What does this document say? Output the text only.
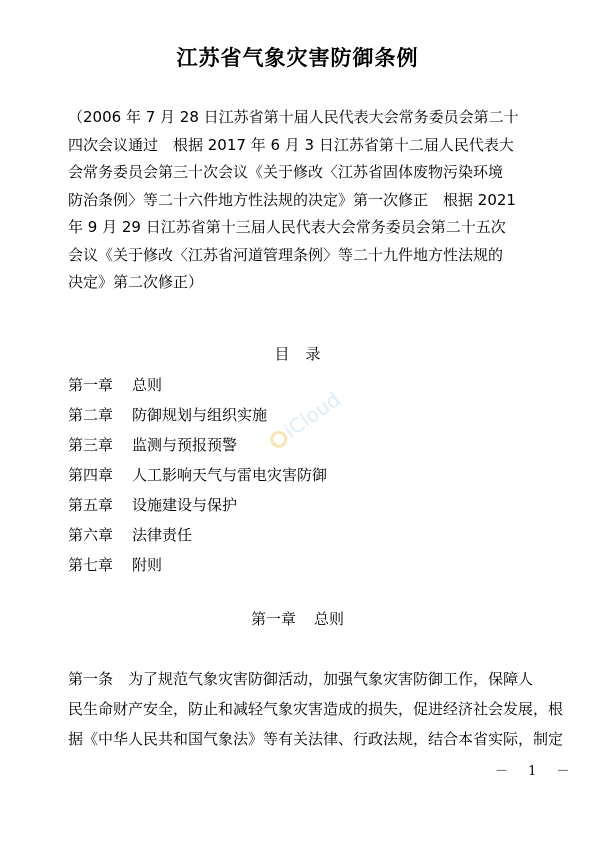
江苏省气象灾害防御条例
（2006 年 7 月 28 日江苏省第十届人民代表大会常务委员会第二十
四次会议通过　根据 2017 年 6 月 3 日江苏省第十二届人民代表大
会常务委员会第三十次会议《关于修改〈江苏省固体废物污染环境
防治条例〉等二十六件地方性法规的决定》第一次修正　根据 2021
年 9 月 29 日江苏省第十三届人民代表大会常务委员会第二十五次
会议《关于修改〈江苏省河道管理条例〉等二十九件地方性法规的
决定》第二次修正）
目录
第一章 总则
第二章 防御规划与组织实施
第三章 监测与预报预警
第四章 人工影响天气与雷电灾害防御
第五章 设施建设与保护
第六章 法律责任
第七章 附则
第一章 总则
第一条　为了规范气象灾害防御活动，加强气象灾害防御工作，保障人
民生命财产安全，防止和减轻气象灾害造成的损失，促进经济社会发展，根
据《中华人民共和国气象法》等有关法律、行政法规，结合本省实际，制定
－ 1 －
i
iCloud
